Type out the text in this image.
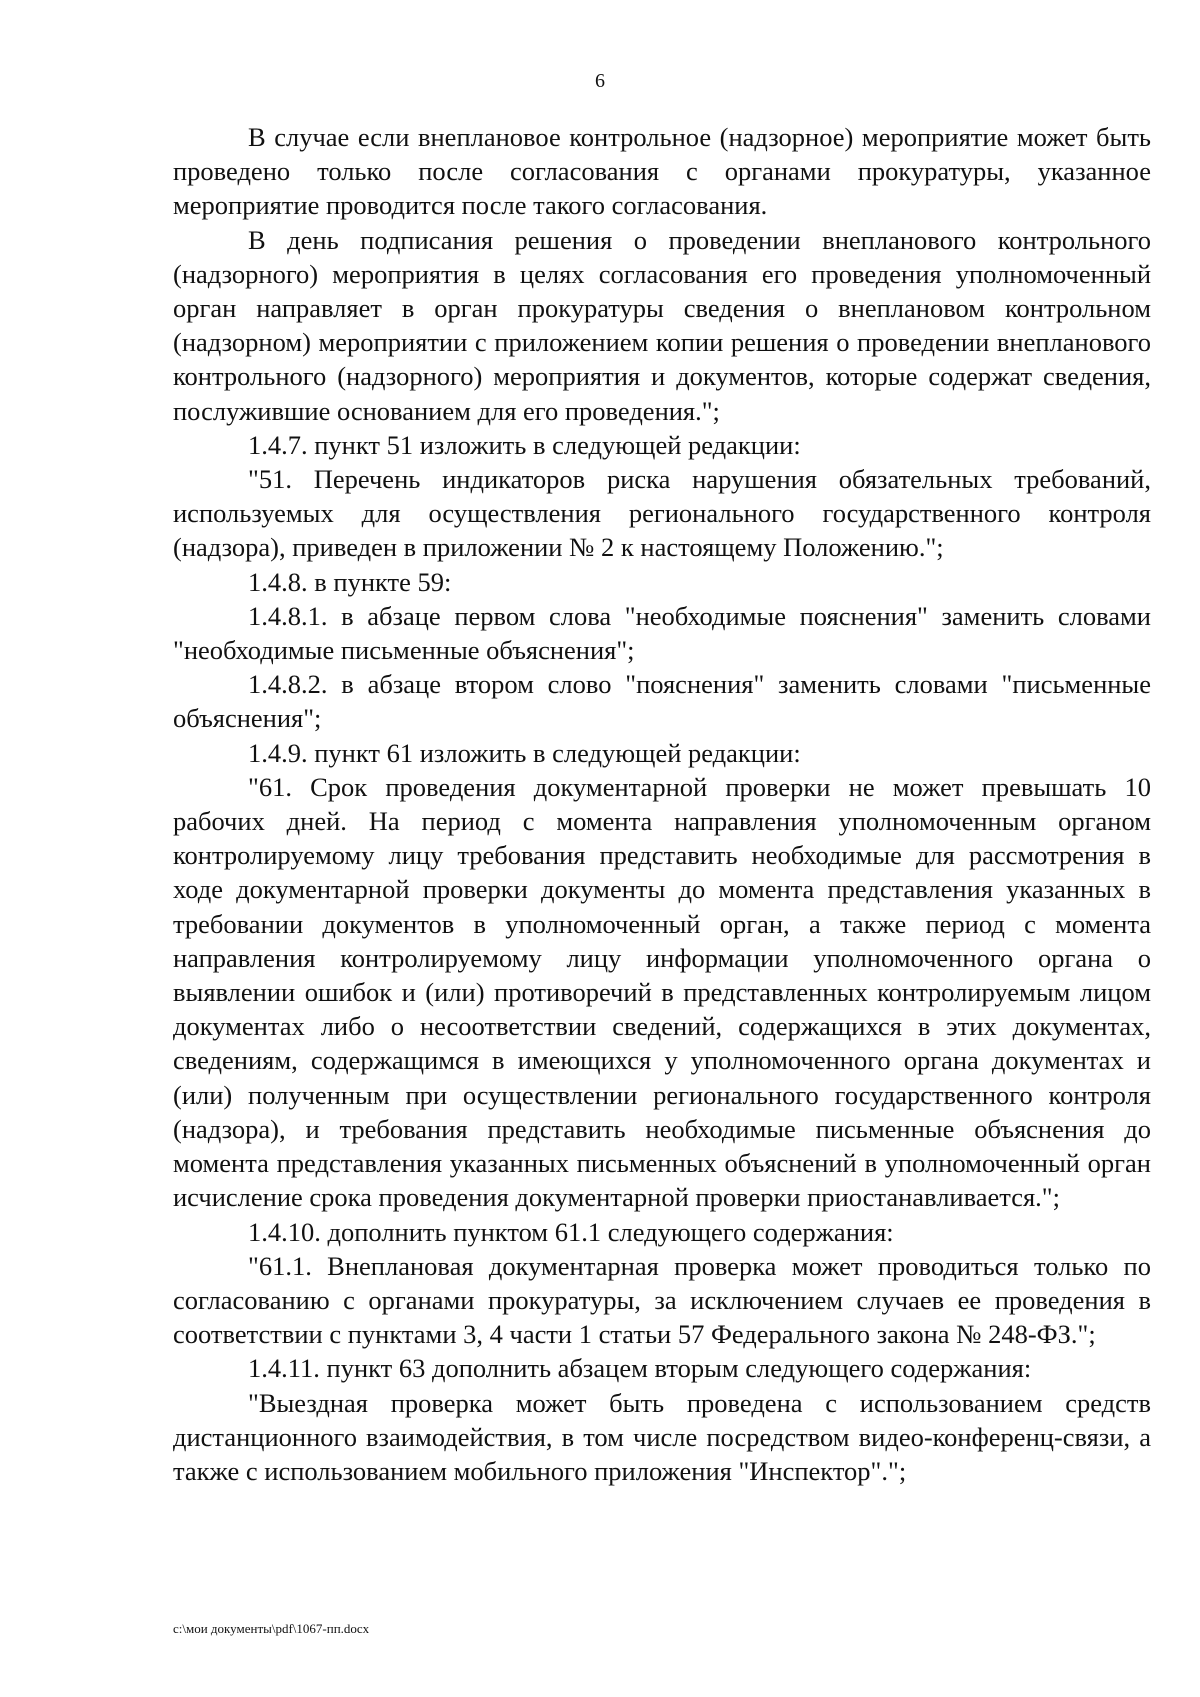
6

В случае если внеплановое контрольное (надзорное) мероприятие может быть проведено только после согласования с органами прокуратуры, указанное мероприятие проводится после такого согласования.

В день подписания решения о проведении внепланового контрольного (надзорного) мероприятия в целях согласования его проведения уполномоченный орган направляет в орган прокуратуры сведения о внеплановом контрольном (надзорном) мероприятии с приложением копии решения о проведении внепланового контрольного (надзорного) мероприятия и документов, которые содержат сведения, послужившие основанием для его проведения.";

1.4.7. пункт 51 изложить в следующей редакции:

"51. Перечень индикаторов риска нарушения обязательных требований, используемых для осуществления регионального государственного контроля (надзора), приведен в приложении № 2 к настоящему Положению.";

1.4.8. в пункте 59:

1.4.8.1. в абзаце первом слова "необходимые пояснения" заменить словами "необходимые письменные объяснения";

1.4.8.2. в абзаце втором слово "пояснения" заменить словами "письменные объяснения";

1.4.9. пункт 61 изложить в следующей редакции:

"61. Срок проведения документарной проверки не может превышать 10 рабочих дней. На период с момента направления уполномоченным органом контролируемому лицу требования представить необходимые для рассмотрения в ходе документарной проверки документы до момента представления указанных в требовании документов в уполномоченный орган, а также период с момента направления контролируемому лицу информации уполномоченного органа о выявлении ошибок и (или) противоречий в представленных контролируемым лицом документах либо о несоответствии сведений, содержащихся в этих документах, сведениям, содержащимся в имеющихся у уполномоченного органа документах и (или) полученным при осуществлении регионального государственного контроля (надзора), и требования представить необходимые письменные объяснения до момента представления указанных письменных объяснений в уполномоченный орган исчисление срока проведения документарной проверки приостанавливается.";

1.4.10. дополнить пунктом 61.1 следующего содержания:

"61.1. Внеплановая документарная проверка может проводиться только по согласованию с органами прокуратуры, за исключением случаев ее проведения в соответствии с пунктами 3, 4 части 1 статьи 57 Федерального закона № 248-ФЗ.";

1.4.11. пункт 63 дополнить абзацем вторым следующего содержания:

"Выездная проверка может быть проведена с использованием средств дистанционного взаимодействия, в том числе посредством видео-конференц-связи, а также с использованием мобильного приложения "Инспектор".";

c:\мои документы\pdf\1067-пп.docx
